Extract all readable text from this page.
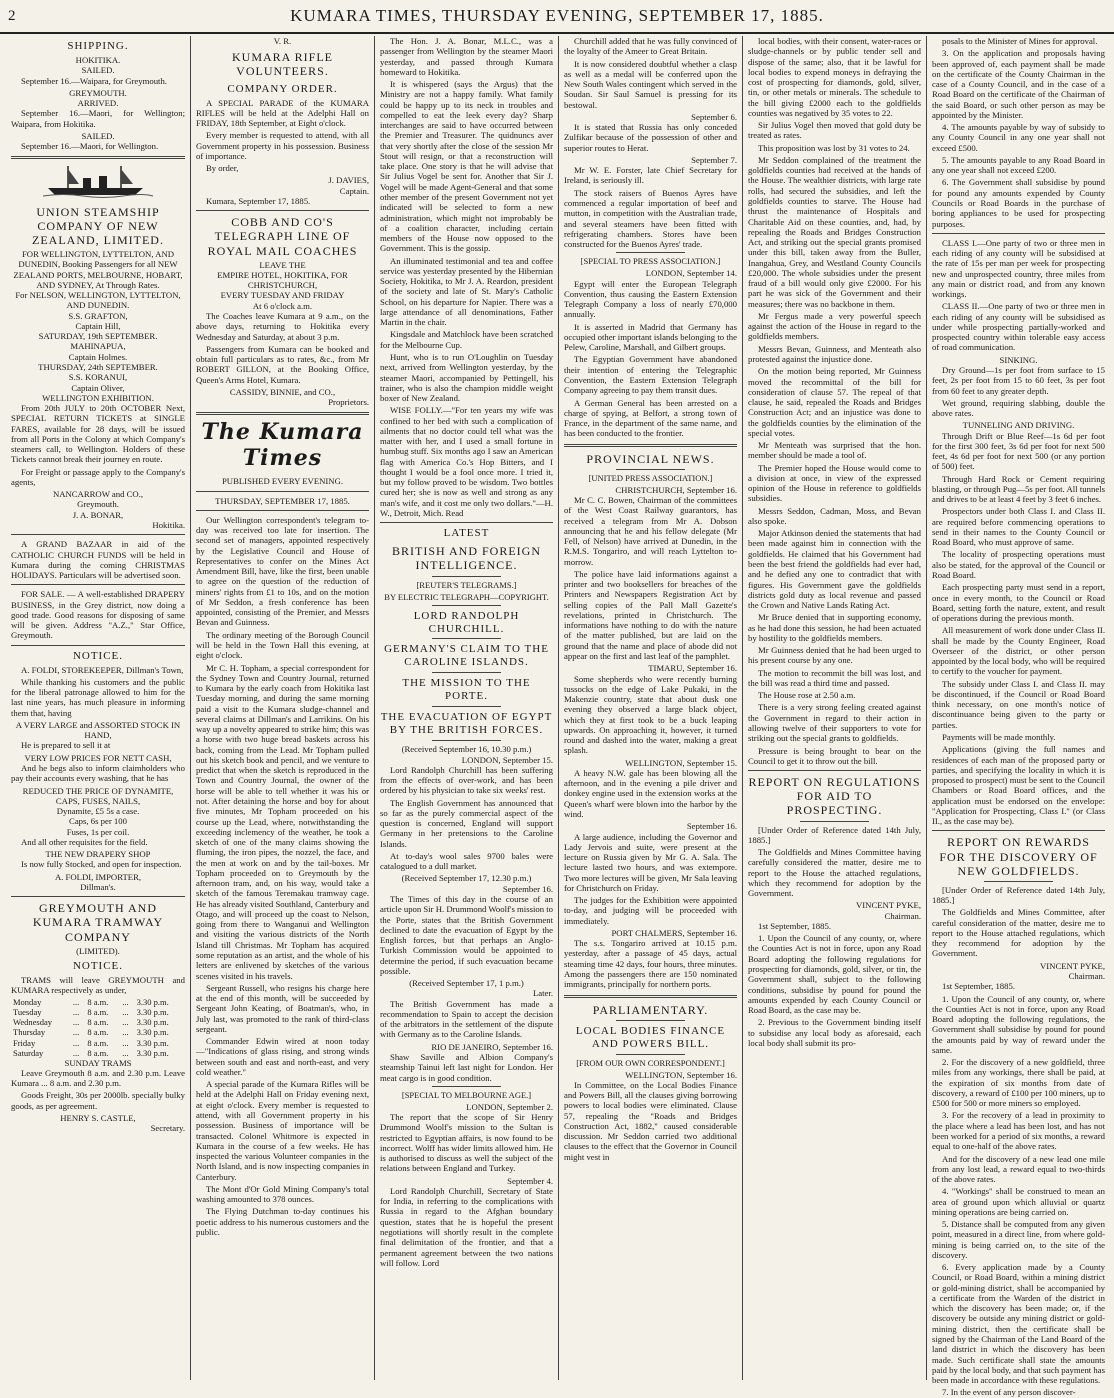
2	KUMARA TIMES, THURSDAY EVENING, SEPTEMBER 17, 1885.
SHIPPING.
HOKITIKA.
SAILED.
September 16.—Waipara, for Greymouth.
GREYMOUTH.
ARRIVED.
September 16.—Maori, for Wellington; Waipara, from Hokitika.
SAILED.
September 16.—Maori, for Wellington.
UNION STEAMSHIP COMPANY OF NEW ZEALAND, LIMITED.
FOR WELLINGTON, LYTTELTON, AND DUNEDIN, Booking Passengers for all NEW ZEALAND PORTS, MELBOURNE, HOBART, AND SYDNEY, At Through Rates.
For NELSON, WELLINGTON, LYTTELTON, AND DUNEDIN.
S.S. GRAFTON,
Captain Hill,
SATURDAY, 19th SEPTEMBER.
MAHINAPUA,
Captain Holmes.
THURSDAY, 24th SEPTEMBER.
S.S. KORANUI,
Captain Oliver,
WELLINGTON EXHIBITION.
From 20th JULY to 20th OCTOBER Next, SPECIAL RETURN TICKETS at SINGLE FARES, available for 28 days, will be issued from all Ports in the Colony at which Company's steamers call, to Wellington. Holders of these Tickets cannot break their journey en route.
For Freight or passage apply to the Company's agents,
NANCARROW and CO.,
Greymouth.
J. A. BONAR,
Hokitika.
A GRAND BAZAAR in aid of the CATHOLIC CHURCH FUNDS will be held in Kumara during the coming CHRISTMAS HOLIDAYS. Particulars will be advertised soon.
FOR SALE. — A well-established DRAPERY BUSINESS, in the Grey district, now doing a good trade. Good reasons for disposing of same will be given. Address "A.Z.," Star Office, Greymouth.
NOTICE.
A. FOLDI, STOREKEEPER, Dillman's Town,
While thanking his customers and the public for the liberal patronage allowed to him for the last nine years, has much pleasure in informing them that, having
A VERY LARGE and ASSORTED STOCK IN HAND,
He is prepared to sell it at
VERY LOW PRICES FOR NETT CASH,
And he begs also to inform claimholders who pay their accounts every washing, that he has
REDUCED THE PRICE OF DYNAMITE, CAPS, FUSES, NAILS,
Dynamite, £5 5s a case.
Caps, 6s per 100
Fuses, 1s per coil.
And all other requisites for the field.
THE NEW DRAPERY SHOP
Is now fully Stocked, and open for inspection.
A. FOLDI, IMPORTER,
Dillman's.
GREYMOUTH AND KUMARA TRAMWAY COMPANY
(LIMITED).
NOTICE.
TRAMS will leave GREYMOUTH and KUMARA respectively as under,
Monday	...	8 a.m.	...	3.30 p.m.
Tuesday	...	8 a.m.	...	3.30 p.m.
Wednesday	...	8 a.m.	...	3.30 p.m.
Thursday	...	8 a.m.	...	3.30 p.m.
Friday	...	8 a.m.	...	3.30 p.m.
Saturday	...	8 a.m.	...	3.30 p.m.
SUNDAY TRAMS
Leave Greymouth 8 a.m. and 2.30 p.m. Leave Kumara ... 8 a.m. and 2.30 p.m.
Goods Freight, 30s per 2000lb. specially bulky goods, as per agreement.
HENRY S. CASTLE,
Secretary.
V. R.
KUMARA RIFLE VOLUNTEERS.
COMPANY ORDER.
A SPECIAL PARADE of the KUMARA RIFLES will be held at the Adelphi Hall on FRIDAY, 18th September, at Eight o'clock.
Every member is requested to attend, with all Government property in his possession. Business of importance.
By order,
J. DAVIES,
Captain.
Kumara, September 17, 1885.
COBB AND CO'S TELEGRAPH LINE OF ROYAL MAIL COACHES
LEAVE THE
EMPIRE HOTEL, HOKITIKA, FOR CHRISTCHURCH,
EVERY TUESDAY AND FRIDAY
At 6 o'clock a.m.
The Coaches leave Kumara at 9 a.m., on the above days, returning to Hokitika every Wednesday and Saturday, at about 3 p.m.
Passengers from Kumara can be booked and obtain full particulars as to rates, &c., from Mr ROBERT GILLON, at the Booking Office, Queen's Arms Hotel, Kumara.
CASSIDY, BINNIE, and CO.,
Proprietors.
The Kumara Times
PUBLISHED EVERY EVENING.
THURSDAY, SEPTEMBER 17, 1885.
Our Wellington correspondent's telegram to-day was received too late for insertion. The second set of managers, appointed respectively by the Legislative Council and House of Representatives to confer on the Mines Act Amendment Bill, have, like the first, been unable to agree on the question of the reduction of miners' rights from £1 to 10s, and on the motion of Mr Seddon, a fresh conference has been appointed, consisting of the Premier, and Messrs Bevan and Guinness.
The ordinary meeting of the Borough Council will be held in the Town Hall this evening, at eight o'clock.
Mr C. H. Topham, a special correspondent for the Sydney Town and Country Journal, returned to Kumara by the early coach from Hokitika last Tuesday morning, and during the same morning paid a visit to the Kumara sludge-channel and several claims at Dillman's and Larrikins. On his way up a novelty appeared to strike him; this was a horse with two huge bread baskets across his back, coming from the Lead. Mr Topham pulled out his sketch book and pencil, and we venture to predict that when the sketch is reproduced in the Town and Country Journal, the owner of the horse will be able to tell whether it was his or not. After detaining the horse and boy for about five minutes, Mr Topham proceeded on his course up the Lead, where, notwithstanding the exceeding inclemency of the weather, he took a sketch of one of the many claims showing the fluming, the iron pipes, the nozzel, the face, and the men at work on and by the tail-boxes. Mr Topham proceeded on to Greymouth by the afternoon tram, and, on his way, would take a sketch of the famous Teremakau tramway cage. He has already visited Southland, Canterbury and Otago, and will proceed up the coast to Nelson, going from there to Wanganui and Wellington and visiting the various districts of the North Island till Christmas. Mr Topham has acquired some reputation as an artist, and the whole of his letters are enlivened by sketches of the various scenes visited in his travels.
Sergeant Russell, who resigns his charge here at the end of this month, will be succeeded by Sergeant John Keating, of Boatman's, who, in July last, was promoted to the rank of third-class sergeant.
Commander Edwin wired at noon today—"Indications of glass rising, and strong winds between south and east and north-east, and very cold weather."
A special parade of the Kumara Rifles will be held at the Adelphi Hall on Friday evening next, at eight o'clock. Every member is requested to attend, with all Government property in his possession. Business of importance will be transacted. Colonel Whitmore is expected in Kumara in the course of a few weeks. He has inspected the various Volunteer companies in the North Island, and is now inspecting companies in Canterbury.
The Mont d'Or Gold Mining Company's total washing amounted to 378 ounces.
The Flying Dutchman to-day continues his poetic address to his numerous customers and the public.
The Hon. J. A. Bonar, M.L.C., was a passenger from Wellington by the steamer Maori yesterday, and passed through Kumara homeward to Hokitika.
It is whispered (says the Argus) that the Ministry are not a happy family. What family could be happy up to its neck in troubles and compelled to eat the leek every day? Sharp interchanges are said to have occurred between the Premier and Treasurer. The quidnuncs aver that very shortly after the close of the session Mr Stout will resign, or that a reconstruction will take place. One story is that he will advise that Sir Julius Vogel be sent for. Another that Sir J. Vogel will be made Agent-General and that some other member of the present Government not yet indicated will be selected to form a new administration, which might not improbably be of a coalition character, including certain members of the House now opposed to the Government. This is the gossip.
An illuminated testimonial and tea and coffee service was yesterday presented by the Hibernian Society, Hokitika, to Mr J. A. Reardon, president of the society and late of St. Mary's Catholic School, on his departure for Napier. There was a large attendance of all denominations, Father Martin in the chair.
Kingsdale and Matchlock have been scratched for the Melbourne Cup.
Hunt, who is to run O'Loughlin on Tuesday next, arrived from Wellington yesterday, by the steamer Maori, accompanied by Pettingell, his trainer, who is also the champion middle weight boxer of New Zealand.
WISE FOLLY.—"For ten years my wife was confined to her bed with such a complication of ailments that no doctor could tell what was the matter with her, and I used a small fortune in humbug stuff. Six months ago I saw an American flag with America Co.'s Hop Bitters, and I thought I would be a fool once more. I tried it, but my follow proved to be wisdom. Two bottles cured her; she is now as well and strong as any man's wife, and it cost me only two dollars."—H. W., Detroit, Mich. Read
LATEST
BRITISH AND FOREIGN INTELLIGENCE.
[REUTER'S TELEGRAMS.]
BY ELECTRIC TELEGRAPH—COPYRIGHT.
LORD RANDOLPH CHURCHILL.
GERMANY'S CLAIM TO THE CAROLINE ISLANDS.
THE MISSION TO THE PORTE.
THE EVACUATION OF EGYPT BY THE BRITISH FORCES.
(Received September 16, 10.30 p.m.)
LONDON, September 15.
Lord Randolph Churchill has been suffering from the effects of over-work, and has been ordered by his physician to take six weeks' rest.
The English Government has announced that so far as the purely commercial aspect of the question is concerned, England will support Germany in her pretensions to the Caroline Islands.
At to-day's wool sales 9700 bales were catalogued to a dull market.
(Received September 17, 12.30 p.m.)
September 16.
The Times of this day in the course of an article upon Sir H. Drummond Woolf's mission to the Porte, states that the British Government declined to date the evacuation of Egypt by the English forces, but that perhaps an Anglo-Turkish Commission would be appointed to determine the period, if such evacuation became possible.
(Received September 17, 1 p.m.)
Later.
The British Government has made a recommendation to Spain to accept the decision of the arbitrators in the settlement of the dispute with Germany as to the Caroline Islands.
RIO DE JANEIRO, September 16.
Shaw Saville and Albion Company's steamship Tainui left last night for London. Her meat cargo is in good condition.
[SPECIAL TO MELBOURNE AGE.]
LONDON, September 2.
The report that the scope of Sir Henry Drummond Woolf's mission to the Sultan is restricted to Egyptian affairs, is now found to be incorrect. Wolff has wider limits allowed him. He is authorised to discuss as well the subject of the relations between England and Turkey.
September 4.
Lord Randolph Churchill, Secretary of State for India, in referring to the complications with Russia in regard to the Afghan boundary question, states that he is hopeful the present negotiations will shortly result in the complete final delimitation of the frontier, and that a permanent agreement between the two nations will follow. Lord
Churchill added that he was fully convinced of the loyalty of the Ameer to Great Britain.
It is now considered doubtful whether a clasp as well as a medal will be conferred upon the New South Wales contingent which served in the Soudan. Sir Saul Samuel is pressing for its bestowal.
September 6.
It is stated that Russia has only conceded Zulfikar because of the possession of other and superior routes to Herat.
September 7.
Mr W. E. Forster, late Chief Secretary for Ireland, is seriously ill.
The stock raisers of Buenos Ayres have commenced a regular importation of beef and mutton, in competition with the Australian trade, and several steamers have been fitted with refrigerating chambers. Stores have been constructed for the Buenos Ayres' trade.
[SPECIAL TO PRESS ASSOCIATION.]
LONDON, September 14.
Egypt will enter the European Telegraph Convention, thus causing the Eastern Extension Telegraph Company a loss of nearly £70,000 annually.
It is asserted in Madrid that Germany has occupied other important islands belonging to the Pelew, Caroline, Marshall, and Gilbert groups.
The Egyptian Government have abandoned their intention of entering the Telegraphic Convention, the Eastern Extension Telegraph Company agreeing to pay them transit dues.
A German General has been arrested on a charge of spying, at Belfort, a strong town of France, in the department of the same name, and has been conducted to the frontier.
PROVINCIAL NEWS.
[UNITED PRESS ASSOCIATION.]
CHRISTCHURCH, September 16.
Mr C. C. Bowen, Chairman of the committees of the West Coast Railway guarantors, has received a telegram from Mr A. Dobson announcing that he and his fellow delegate (Mr Fell, of Nelson) have arrived at Dunedin, in the R.M.S. Tongariro, and will reach Lyttelton to-morrow.
The police have laid informations against a printer and two booksellers for breaches of the Printers and Newspapers Registration Act by selling copies of the Pall Mall Gazette's revelations, printed in Christchurch. The informations have nothing to do with the nature of the matter published, but are laid on the ground that the name and place of abode did not appear on the first and last leaf of the pamphlet.
TIMARU, September 16.
Some shepherds who were recently burning tussocks on the edge of Lake Pukaki, in the Makenzie country, state that about dusk one evening they observed a large black object, which they at first took to be a buck leaping upwards. On approaching it, however, it turned round and dashed into the water, making a great splash.
WELLINGTON, September 15.
A heavy N.W. gale has been blowing all the afternoon, and in the evening a pile driver and donkey engine used in the extension works at the Queen's wharf were blown into the harbor by the wind.
September 16.
A large audience, including the Governor and Lady Jervois and suite, were present at the lecture on Russia given by Mr G. A. Sala. The lecture lasted two hours, and was extempore. Two more lectures will be given, Mr Sala leaving for Christchurch on Friday.
The judges for the Exhibition were appointed to-day, and judging will be proceeded with immediately.
PORT CHALMERS, September 16.
The s.s. Tongariro arrived at 10.15 p.m. yesterday, after a passage of 45 days, actual steaming time 42 days, four hours, three minutes. Among the passengers there are 150 nominated immigrants, principally for northern ports.
PARLIAMENTARY.
LOCAL BODIES FINANCE AND POWERS BILL.
[FROM OUR OWN CORRESPONDENT.]
WELLINGTON, September 16.
In Committee, on the Local Bodies Finance and Powers Bill, all the clauses giving borrowing powers to local bodies were eliminated. Clause 57, repealing the "Roads and Bridges Construction Act, 1882," caused considerable discussion. Mr Seddon carried two additional clauses to the effect that the Governor in Council might vest in
local bodies, with their consent, water-races or sludge-channels or by public tender sell and dispose of the same; also, that it be lawful for local bodies to expend moneys in defraying the cost of prospecting for diamonds, gold, silver, tin, or other metals or minerals. The schedule to the bill giving £2000 each to the goldfields counties was negatived by 35 votes to 22.
Sir Julius Vogel then moved that gold duty be treated as rates.
This proposition was lost by 31 votes to 24.
Mr Seddon complained of the treatment the goldfields counties had received at the hands of the House. The wealthier districts, with large rate rolls, had secured the subsidies, and left the goldfields counties to starve. The House had thrust the maintenance of Hospitals and Charitable Aid on these counties, and, had, by repealing the Roads and Bridges Construction Act, and striking out the special grants promised under this bill, taken away from the Buller, Inangahua, Grey, and Westland County Councils £20,000. The whole subsidies under the present fraud of a bill would only give £2000. For his part he was sick of the Government and their measures; there was no backbone in them.
Mr Fergus made a very powerful speech against the action of the House in regard to the goldfields members.
Messrs Bevan, Guinness, and Menteath also protested against the injustice done.
On the motion being reported, Mr Guinness moved the recommittal of the bill for consideration of clause 57. The repeal of that clause, he said, repealed the Roads and Bridges Construction Act; and an injustice was done to the goldfields counties by the elimination of the special votes.
Mr Menteath was surprised that the hon. member should be made a tool of.
The Premier hoped the House would come to a division at once, in view of the expressed opinion of the House in reference to goldfields subsidies.
Messrs Seddon, Cadman, Moss, and Bevan also spoke.
Major Atkinson denied the statements that had been made against him in connection with the goldfields. He claimed that his Government had been the best friend the goldfields had ever had, and he defied any one to contradict that with figures. His Government gave the goldfields districts gold duty as local revenue and passed the Crown and Native Lands Rating Act.
Mr Bruce denied that in supporting economy, as he had done this session, he had been actuated by hostility to the goldfields members.
Mr Guinness denied that he had been urged to his present course by any one.
The motion to recommit the bill was lost, and the bill was read a third time and passed.
The House rose at 2.50 a.m.
There is a very strong feeling created against the Government in regard to their action in allowing twelve of their supporters to vote for striking out the special grants to goldfields.
Pressure is being brought to bear on the Council to get it to throw out the bill.
REPORT ON REGULATIONS FOR AID TO PROSPECTING.
[Under Order of Reference dated 14th July, 1885.]
The Goldfields and Mines Committee having carefully considered the matter, desire me to report to the House the attached regulations, which they recommend for adoption by the Government.
VINCENT PYKE,
Chairman.
1st September, 1885.
1. Upon the Council of any county, or, where the Counties Act is not in force, upon any Road Board adopting the following regulations for prospecting for diamonds, gold, silver, or tin, the Government shall, subject to the following conditions, subsidise by pound for pound the amounts expended by each County Council or Road Board, as the case may be.
2. Previous to the Government binding itself to subsidise any local body as aforesaid, each local body shall submit its pro-
posals to the Minister of Mines for approval.
3. On the application and proposals having been approved of, each payment shall be made on the certificate of the County Chairman in the case of a County Council, and in the case of a Road Board on the certificate of the Chairman of the said Board, or such other person as may be appointed by the Minister.
4. The amounts payable by way of subsidy to any County Council in any one year shall not exceed £500.
5. The amounts payable to any Road Board in any one year shall not exceed £200.
6. The Government shall subsidise by pound for pound any amounts expended by County Councils or Road Boards in the purchase of boring appliances to be used for prospecting purposes.
CLASS I.—One party of two or three men in each riding of any county will be subsidised at the rate of 15s per man per week for prospecting new and unprospected country, three miles from any main or district road, and from any known workings.
CLASS II.—One party of two or three men in each riding of any county will be subsidised as under while prospecting partially-worked and prospected country within tolerable easy access of road communication.
SINKING.
Dry Ground—1s per foot from surface to 15 feet, 2s per foot from 15 to 60 feet, 3s per foot from 60 feet to any greater depth.
Wet ground, requiring slabbing, double the above rates.
TUNNELING AND DRIVING.
Through Drift or Blue Reef—1s 6d per foot for the first 300 feet, 3s 6d per foot for next 500 feet, 4s 6d per foot for next 500 (or any portion of 500) feet.
Through Hard Rock or Cement requiring blasting, or through Pug—5s per foot. All tunnels and drives to be at least 4 feet by 3 feet 6 inches.
Prospectors under both Class I. and Class II. are required before commencing operations to send in their names to the County Council or Road Board, who must approve of same.
The locality of prospecting operations must also be stated, for the approval of the Council or Road Board.
Each prospecting party must send in a report, once in every month, to the Council or Road Board, setting forth the nature, extent, and result of operations during the previous month.
All measurement of work done under Class II. shall be made by the County Engineer, Road Overseer of the district, or other person appointed by the local body, who will be required to certify to the voucher for payment.
The subsidy under Class I. and Class II. may be discontinued, if the Council or Road Board think necessary, on one month's notice of discontinuance being given to the party or parties.
Payments will be made monthly.
Applications (giving the full names and residences of each man of the proposed party or parties, and specifying the locality in which it is proposed to prospect) must be sent to the Council Chambers or Road Board offices, and the application must be endorsed on the envelope: "Application for Prospecting, Class I." (or Class II., as the case may be).
REPORT ON REWARDS FOR THE DISCOVERY OF NEW GOLDFIELDS.
[Under Order of Reference dated 14th July, 1885.]
The Goldfields and Mines Committee, after careful consideration of the matter, desire me to report to the House attached regulations, which they recommend for adoption by the Government.
VINCENT PYKE,
Chairman.
1st September, 1885.
1. Upon the Council of any county, or, where the Counties Act is not in force, upon any Road Board adopting the following regulations, the Government shall subsidise by pound for pound the amounts paid by way of reward under the same.
2. For the discovery of a new goldfield, three miles from any workings, there shall be paid, at the expiration of six months from date of discovery, a reward of £100 per 100 miners, up to £500 for 500 or more miners so employed.
3. For the recovery of a lead in proximity to the place where a lead has been lost, and has not been worked for a period of six months, a reward equal to one-half of the above rates.
And for the discovery of a new lead one mile from any lost lead, a reward equal to two-thirds of the above rates.
4. "Workings" shall be construed to mean an area of ground upon which alluvial or quartz mining operations are being carried on.
5. Distance shall be computed from any given point, measured in a direct line, from where gold-mining is being carried on, to the site of the discovery.
6. Every application made by a County Council, or Road Board, within a mining district or gold-mining district, shall be accompanied by a certificate from the Warden of the district in which the discovery has been made; or, if the discovery be outside any mining district or gold-mining district, then the certificate shall be signed by the Chairman of the Land Board of the land district in which the discovery has been made. Such certificate shall state the amounts paid by the local body, and that such payment has been made in accordance with these regulations.
7. In the event of any person discover-
